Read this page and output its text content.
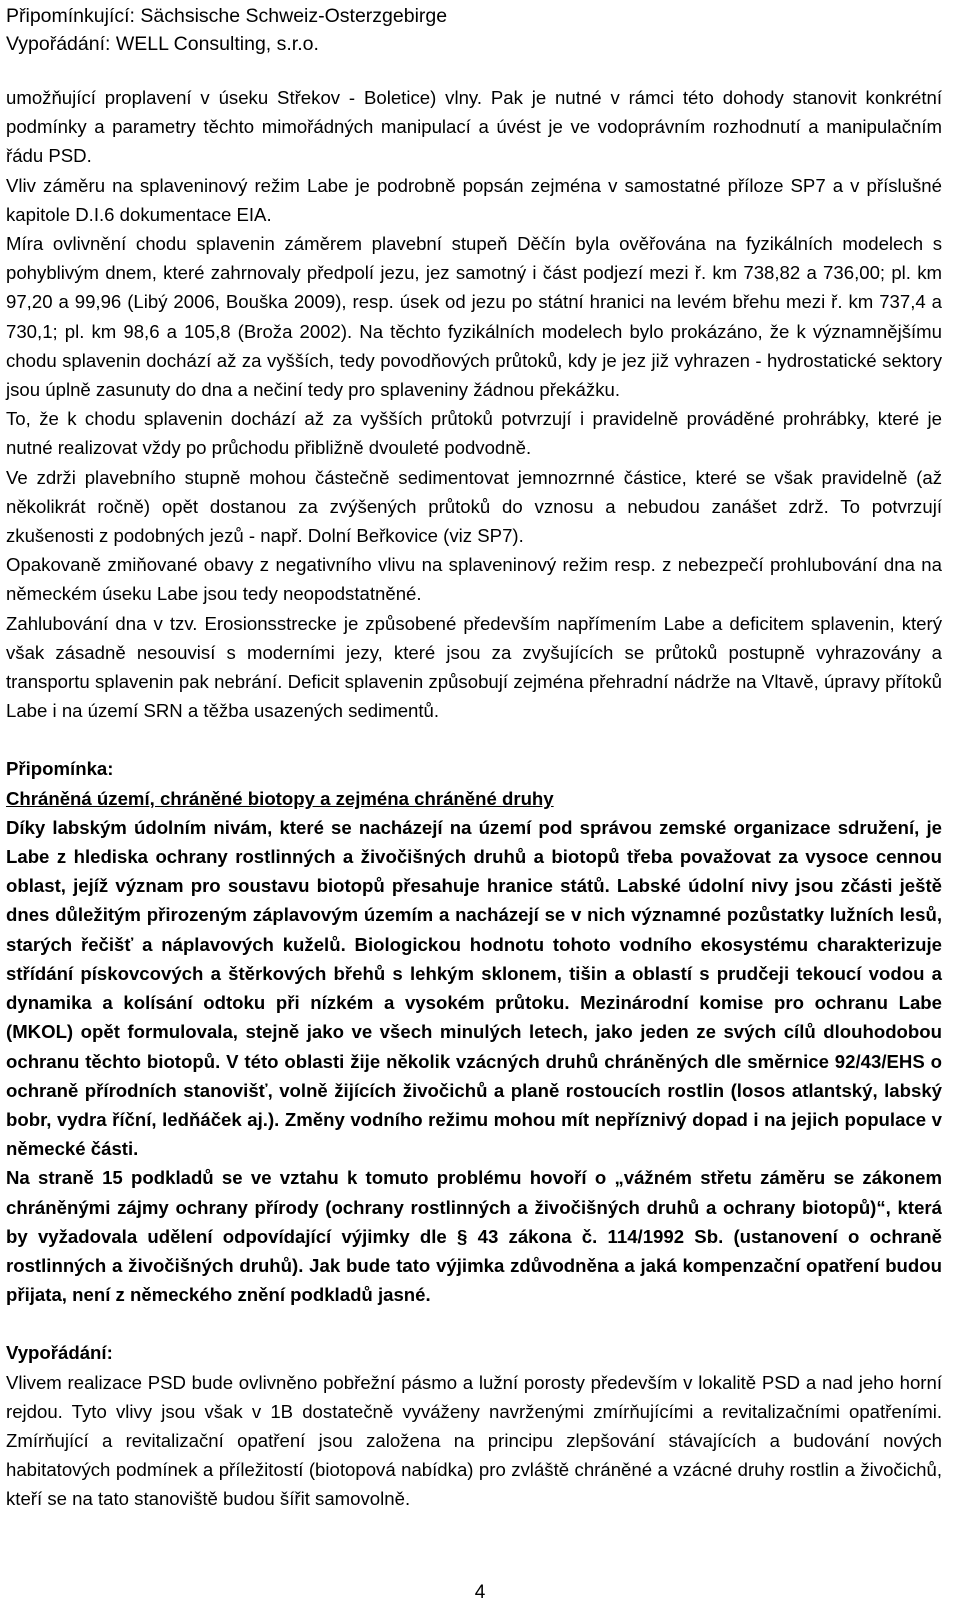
Připomínkující: Sächsische Schweiz-Osterzgebirge
Vypořádání: WELL Consulting, s.r.o.

umožňující proplavení v úseku Střekov - Boletice) vlny. Pak je nutné v rámci této dohody stanovit konkrétní podmínky a parametry těchto mimořádných manipulací a úvést je ve vodoprávním rozhodnutí a manipulačním řádu PSD.

Vliv záměru na splaveninový režim Labe je podrobně popsán zejména v samostatné příloze SP7 a v příslušné kapitole D.I.6 dokumentace EIA.

Míra ovlivnění chodu splavenin záměrem plavební stupeň Děčín byla ověřována na fyzikálních modelech s pohyblivým dnem, které zahrnovaly předpolí jezu, jez samotný i část podjezí mezi ř. km 738,82 a 736,00; pl. km 97,20 a 99,96 (Libý 2006, Bouška 2009), resp. úsek od jezu po státní hranici na levém břehu mezi ř. km 737,4 a 730,1; pl. km 98,6 a 105,8 (Broža 2002). Na těchto fyzikálních modelech bylo prokázáno, že k významnějšímu chodu splavenin dochází až za vyšších, tedy povodňových průtoků, kdy je jez již vyhrazen - hydrostatické sektory jsou úplně zasunuty do dna a nečiní tedy pro splaveniny žádnou překážku.

To, že k chodu splavenin dochází až za vyšších průtoků potvrzují i pravidelně prováděné prohrábky, které je nutné realizovat vždy po průchodu přibližně dvouleté podvodně.

Ve zdrži plavebního stupně mohou částečně sedimentovat jemnozrnné částice, které se však pravidelně (až několikrát ročně) opět dostanou za zvýšených průtoků do vznosu a nebudou zanášet zdrž. To potvrzují zkušenosti z podobných jezů - např. Dolní Beřkovice (viz SP7).

Opakovaně zmiňované obavy z negativního vlivu na splaveninový režim resp. z nebezpečí prohlubování dna na německém úseku Labe jsou tedy neopodstatněné.

Zahlubování dna v tzv. Erosionsstrecke je způsobené především napřímením Labe a deficitem splavenin, který však zásadně nesouvisí s moderními jezy, které jsou za zvyšujících se průtoků postupně vyhrazovány a transportu splavenin pak nebrání. Deficit splavenin způsobují zejména přehradní nádrže na Vltavě, úpravy přítoků Labe i na území SRN a těžba usazených sedimentů.

Připomínka:

Chráněná území, chráněné biotopy a zejména chráněné druhy

Díky labským údolním nivám, které se nacházejí na území pod správou zemské organizace sdružení, je Labe z hlediska ochrany rostlinných a živočišných druhů a biotopů třeba považovat za vysoce cennou oblast, jejíž význam pro soustavu biotopů přesahuje hranice států. Labské údolní nivy jsou zčásti ještě dnes důležitým přirozeným záplavovým územím a nacházejí se v nich významné pozůstatky lužních lesů, starých řečišť a náplavových kuželů. Biologickou hodnotu tohoto vodního ekosystému charakterizuje střídání pískovcových a štěrkových břehů s lehkým sklonem, tišin a oblastí s prudčeji tekoucí vodou a dynamika a kolísání odtoku při nízkém a vysokém průtoku. Mezinárodní komise pro ochranu Labe (MKOL) opět formulovala, stejně jako ve všech minulých letech, jako jeden ze svých cílů dlouhodobou ochranu těchto biotopů. V této oblasti žije několik vzácných druhů chráněných dle směrnice 92/43/EHS o ochraně přírodních stanovišť, volně žijících živočichů a planě rostoucích rostlin (losos atlantský, labský bobr, vydra říční, ledňáček aj.). Změny vodního režimu mohou mít nepříznivý dopad i na jejich populace v německé části.

Na straně 15 podkladů se ve vztahu k tomuto problému hovoří o „vážném střetu záměru se zákonem chráněnými zájmy ochrany přírody (ochrany rostlinných a živočišných druhů a ochrany biotopů)“, která by vyžadovala udělení odpovídající výjimky dle § 43 zákona č. 114/1992 Sb. (ustanovení o ochraně rostlinných a živočišných druhů). Jak bude tato výjimka zdůvodněna a jaká kompenzační opatření budou přijata, není z německého znění podkladů jasné.

Vypořádání:

Vlivem realizace PSD bude ovlivněno pobřežní pásmo a lužní porosty především v lokalitě PSD a nad jeho horní rejdou. Tyto vlivy jsou však v 1B dostatečně vyváženy navrženými zmírňujícími a revitalizačními opatřeními. Zmírňující a revitalizační opatření jsou založena na principu zlepšování stávajících a budování nových habitatových podmínek a příležitostí (biotopová nabídka) pro zvláště chráněné a vzácné druhy rostlin a živočichů, kteří se na tato stanoviště budou šířit samovolně.

4
